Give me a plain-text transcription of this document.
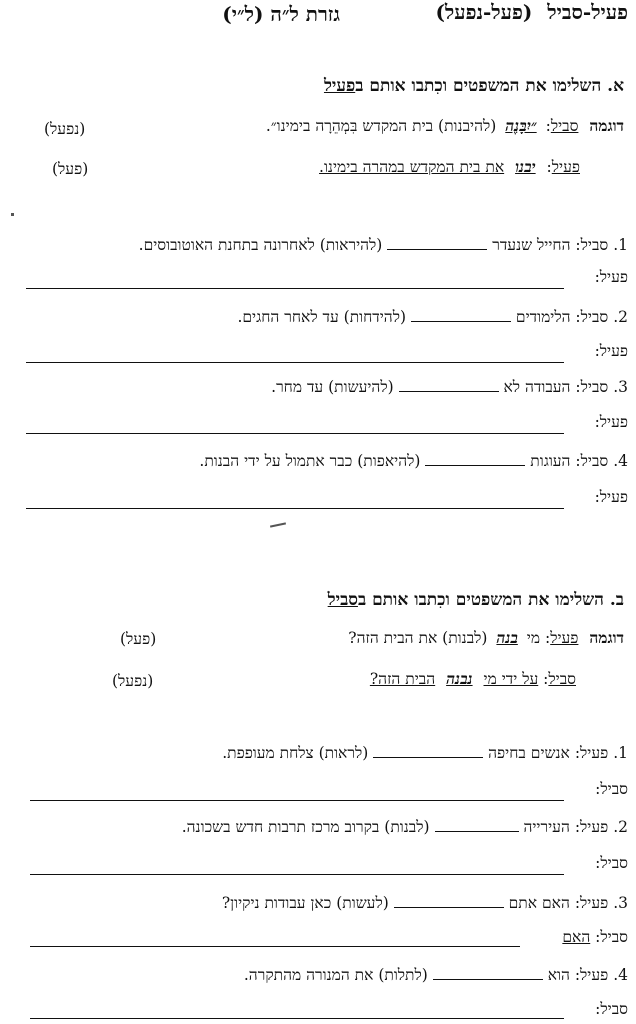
פעיל-סביל (פעל-נפעל)
גזרת ל״ה (ל״י)
א. השלימו את המשפטים וכִתבו אותם בפעיל
דוגמה סביל: ״יִבָּנֶה (להיבנות) בית המקדש בִּמְהֵרָה בימינו״.
(נפעל)
פעיל: יבנו את בית המקדש במהרה בימינו.
(פעל)
1. סביל: החייל שנעדר  (להיראות) לאחרונה בתחנת האוטובוסים.
פעיל:
2. סביל: הלימודים  (להידחות) עד לאחר החגים.
פעיל:
3. סביל: העבודה לא  (להיעשות) עד מחר.
פעיל:
4. סביל: העוגות  (להיאפות) כבר אתמול על ידי הבנות.
פעיל:
ב. השלימו את המשפטים וכִתבו אותם בסביל
דוגמה פעיל: מי בנה (לבנות) את הבית הזה?
(פעל)
סביל: על ידי מי נבנה הבית הזה?
(נפעל)
1. פעיל: אנשים בחיפה  (לראות) צלחת מעופפת.
סביל:
2. פעיל: העירייה  (לבנות) בקרוב מרכז תרבות חדש בשכונה.
סביל:
3. פעיל: האם אתם  (לעשות) כאן עבודות ניקיון?
סביל: האם
4. פעיל: הוא  (לתלות) את המנורה מהתקרה.
סביל:
